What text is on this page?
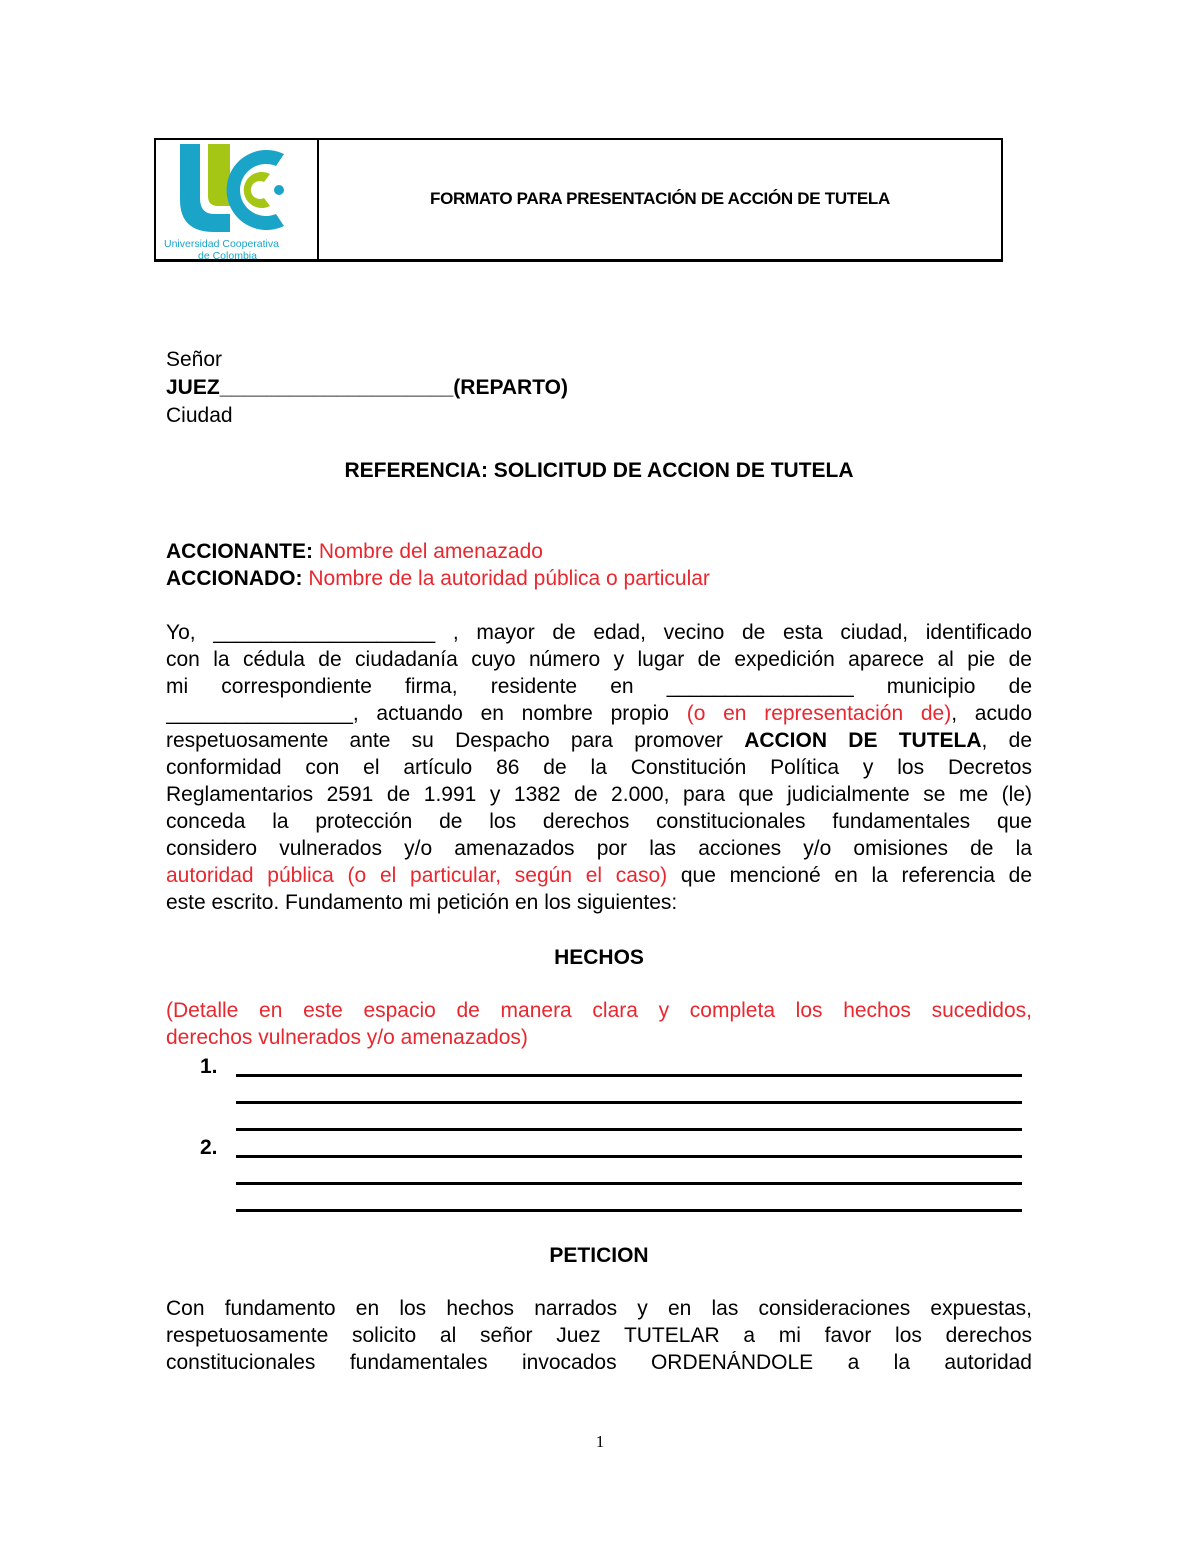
Universidad Cooperativa
de Colombia
FORMATO PARA PRESENTACIÓN DE ACCIÓN DE TUTELA
Señor
JUEZ____________________(REPARTO)
Ciudad
REFERENCIA: SOLICITUD DE ACCION DE TUTELA
ACCIONANTE: Nombre del amenazado
ACCIONADO: Nombre de la autoridad pública o particular
Yo, ___________________ , mayor de edad, vecino de esta ciudad, identificado
con la cédula de ciudadanía cuyo número y lugar de expedición aparece al pie de
mi correspondiente firma, residente en ________________ municipio de
________________, actuando en nombre propio (o en representación de), acudo
respetuosamente ante su Despacho para promover ACCION DE TUTELA, de
conformidad con el artículo 86 de la Constitución Política y los Decretos
Reglamentarios 2591 de 1.991 y 1382 de 2.000, para que judicialmente se me (le)
conceda la protección de los derechos constitucionales fundamentales que
considero vulnerados y/o amenazados por las acciones y/o omisiones de la
autoridad pública (o el particular, según el caso) que mencioné en la referencia de
este escrito. Fundamento mi petición en los siguientes:
HECHOS
(Detalle en este espacio de manera clara y completa los hechos sucedidos,
derechos vulnerados y/o amenazados)
1.
2.
PETICION
Con fundamento en los hechos narrados y en las consideraciones expuestas,
respetuosamente solicito al señor Juez TUTELAR a mi favor los derechos
constitucionales fundamentales invocados ORDENÁNDOLE a la autoridad
1
